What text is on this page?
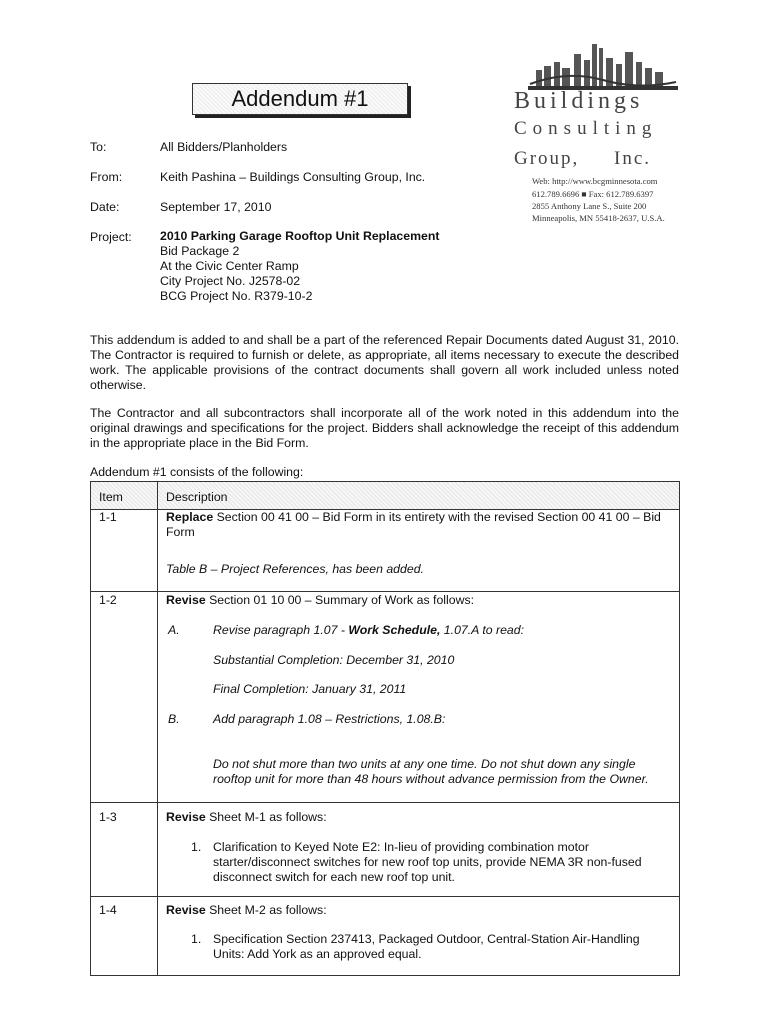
Addendum #1	Buildings
Consulting
Group, Inc.
Web: http://www.bcgminnesota.com
612.789.6696 ■ Fax: 612.789.6397
2855 Anthony Lane S., Suite 200
Minneapolis, MN 55418-2637, U.S.A.
To:	All Bidders/Planholders
From:	Keith Pashina – Buildings Consulting Group, Inc.
Date:	September 17, 2010
Project: 2010 Parking Garage Rooftop Unit Replacement
Bid Package 2
At the Civic Center Ramp
City Project No. J2578-02
BCG Project No. R379-10-2
This addendum is added to and shall be a part of the referenced Repair Documents dated August 31, 2010. The Contractor is required to furnish or delete, as appropriate, all items necessary to execute the described work. The applicable provisions of the contract documents shall govern all work included unless noted otherwise.
The Contractor and all subcontractors shall incorporate all of the work noted in this addendum into the original drawings and specifications for the project. Bidders shall acknowledge the receipt of this addendum in the appropriate place in the Bid Form.
Addendum #1 consists of the following:
Item	Description
1-1	Replace Section 00 41 00 – Bid Form in its entirety with the revised Section 00 41 00 – Bid Form
Table B – Project References, has been added.
1-2	Revise Section 01 10 00 – Summary of Work as follows:
A.	Revise paragraph 1.07 - Work Schedule, 1.07.A to read:
Substantial Completion: December 31, 2010
Final Completion: January 31, 2011
B.	Add paragraph 1.08 – Restrictions, 1.08.B:
Do not shut more than two units at any one time. Do not shut down any single
rooftop unit for more than 48 hours without advance permission from the Owner.
1-3	Revise Sheet M-1 as follows:
1. Clarification to Keyed Note E2: In-lieu of providing combination motor
starter/disconnect switches for new roof top units, provide NEMA 3R non-fused
disconnect switch for each new roof top unit.
1-4	Revise Sheet M-2 as follows:
1. Specification Section 237413, Packaged Outdoor, Central-Station Air-Handling
Units: Add York as an approved equal.
